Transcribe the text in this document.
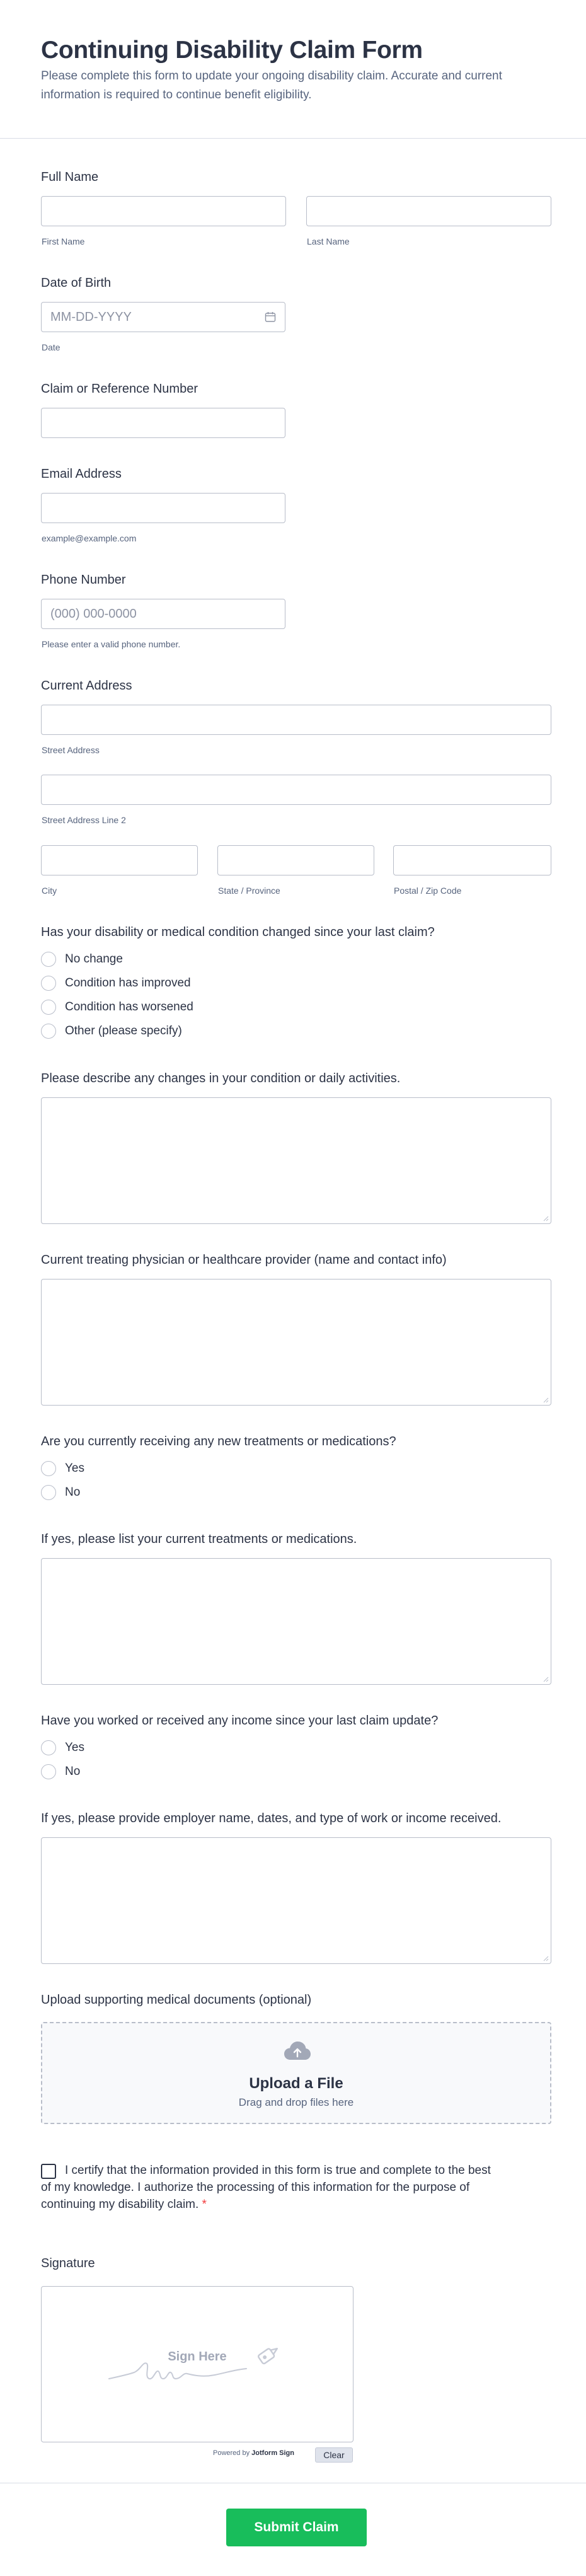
Continuing Disability Claim Form
Please complete this form to update your ongoing disability claim. Accurate and current information is required to continue benefit eligibility.
Full Name
First Name	Last Name
Date of Birth
MM-DD-YYYY
Date
Claim or Reference Number
Email Address
example@example.com
Phone Number
(000) 000-0000
Please enter a valid phone number.
Current Address
Street Address
Street Address Line 2
City	State / Province	Postal / Zip Code
Has your disability or medical condition changed since your last claim?
No change
Condition has improved
Condition has worsened
Other (please specify)
Please describe any changes in your condition or daily activities.
Current treating physician or healthcare provider (name and contact info)
Are you currently receiving any new treatments or medications?
Yes
No
If yes, please list your current treatments or medications.
Have you worked or received any income since your last claim update?
Yes
No
If yes, please provide employer name, dates, and type of work or income received.
Upload supporting medical documents (optional)
Upload a File
Drag and drop files here
I certify that the information provided in this form is true and complete to the best of my knowledge. I authorize the processing of this information for the purpose of continuing my disability claim. *
Signature
Sign Here
Powered by Jotform Sign	Clear
Submit Claim
